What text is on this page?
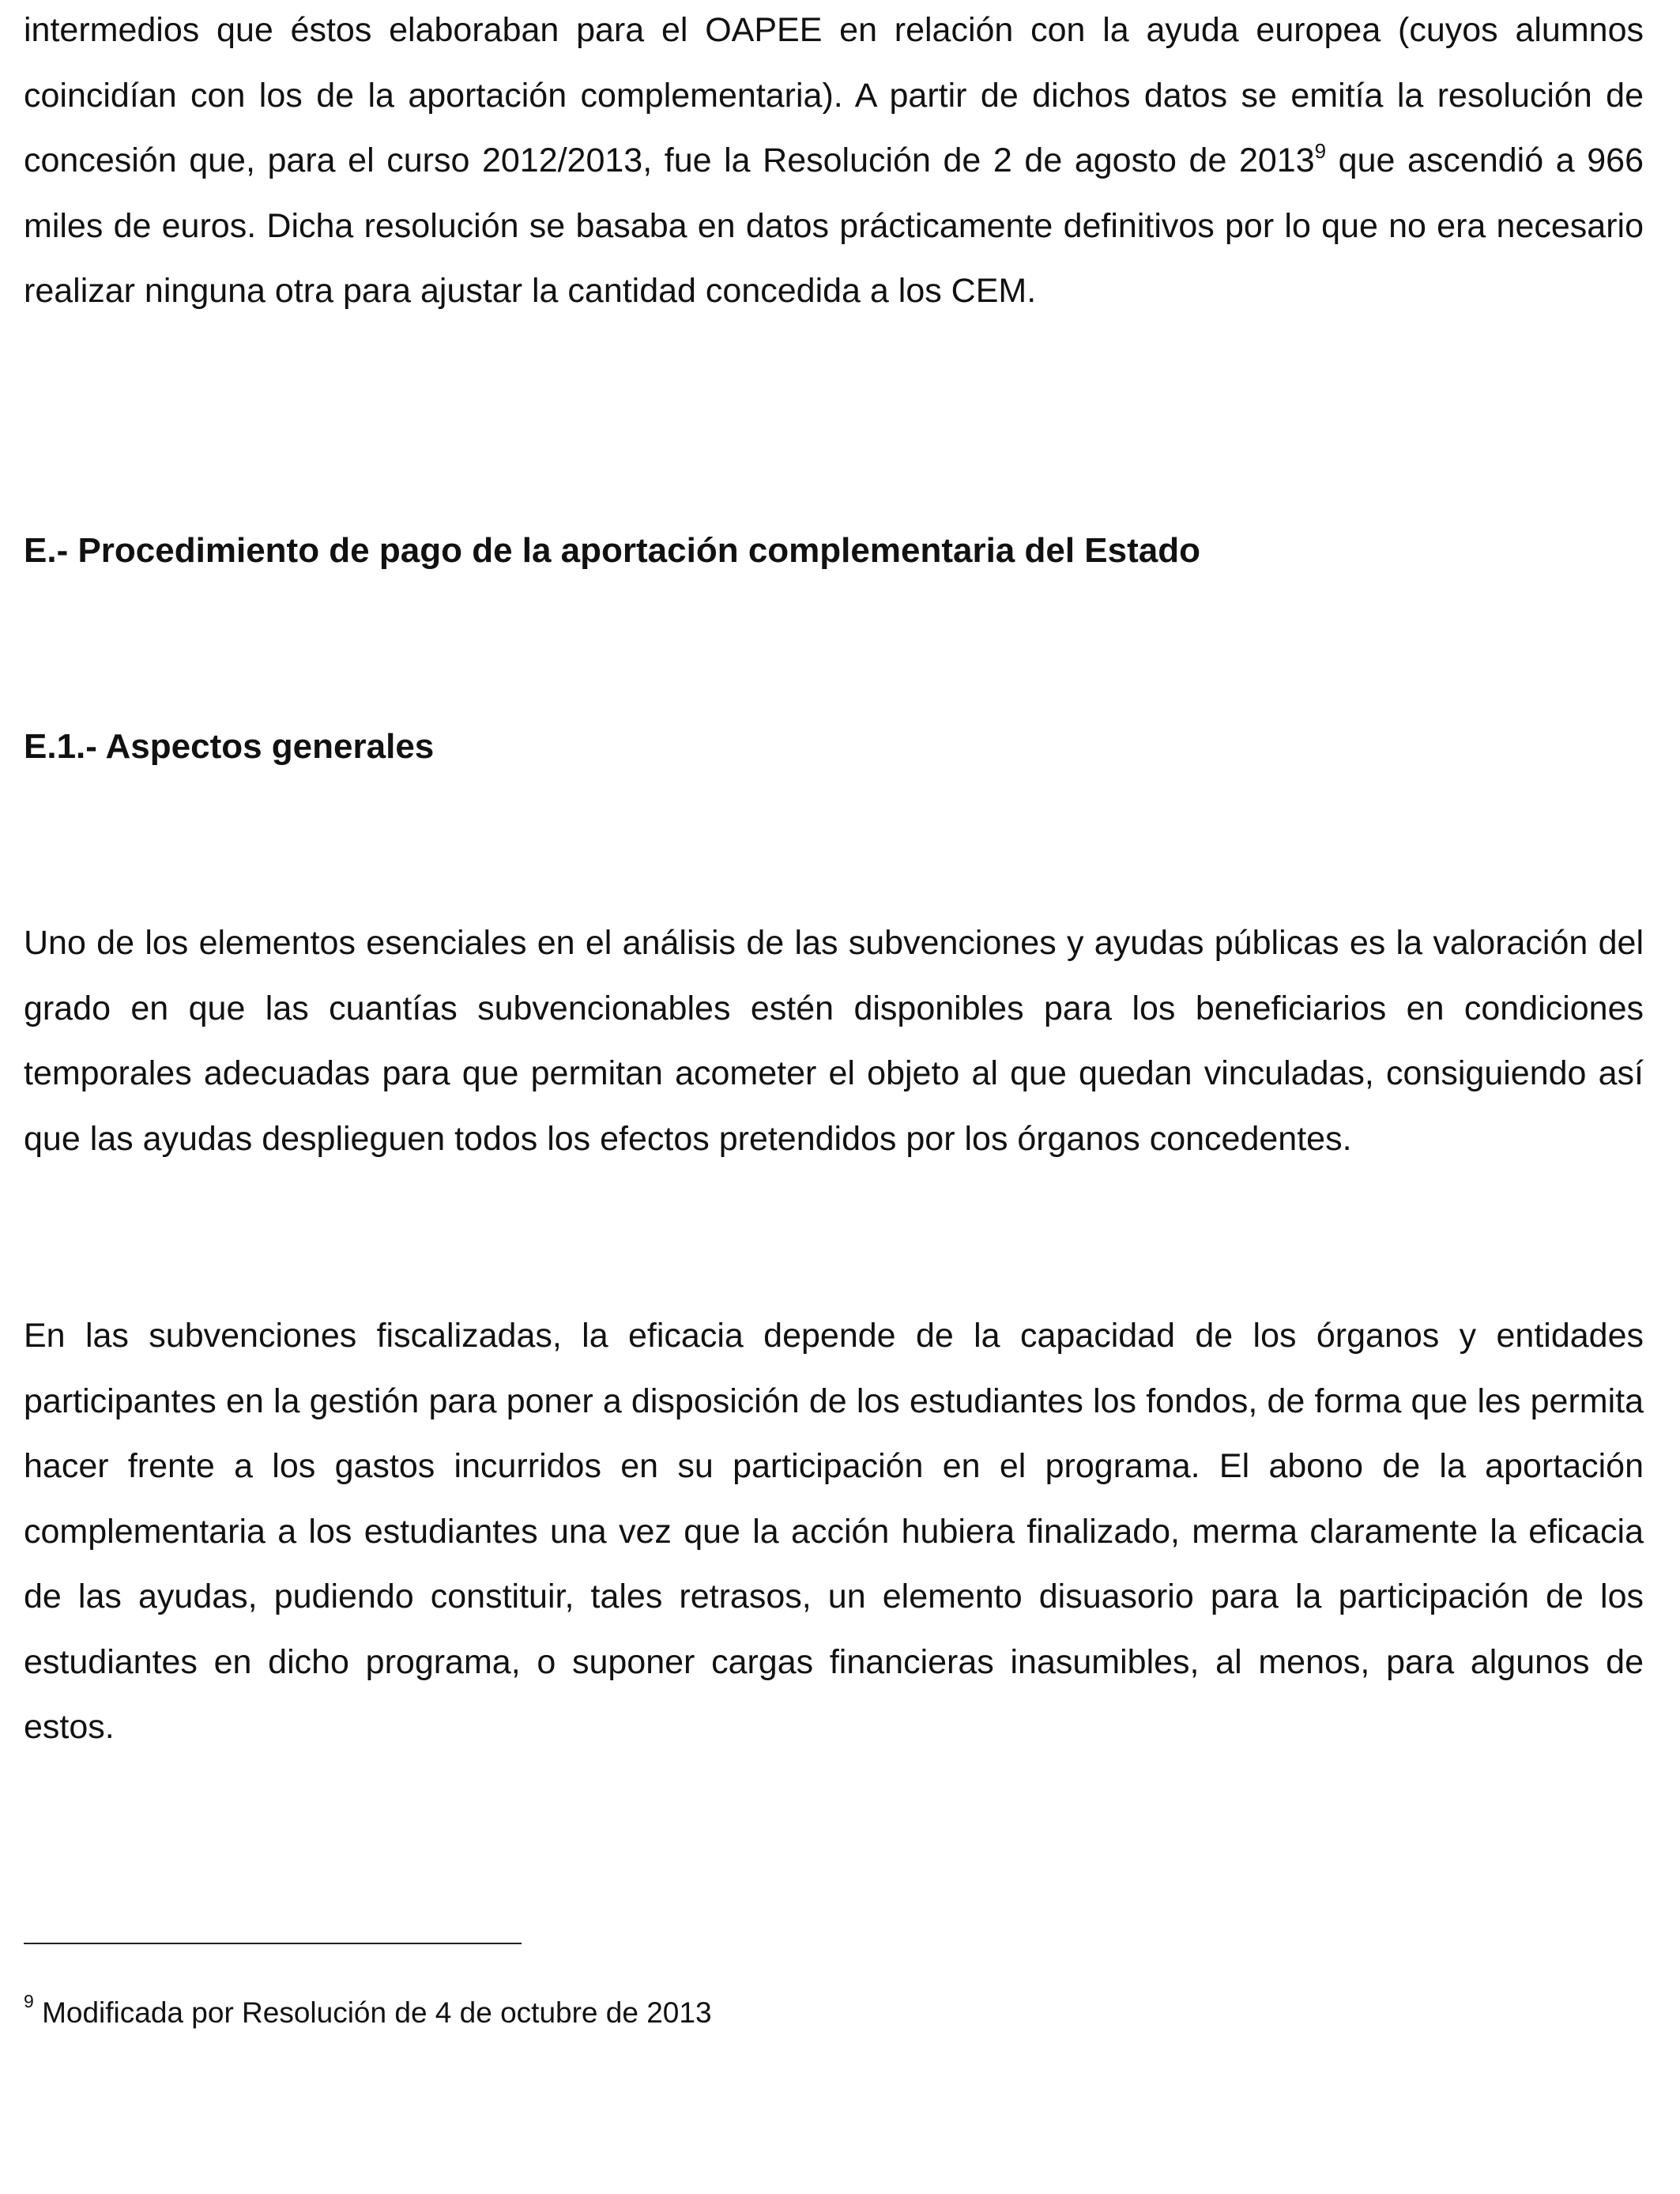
intermedios que éstos elaboraban para el OAPEE en relación con la ayuda europea (cuyos alumnos coincidían con los de la aportación complementaria). A partir de dichos datos se emitía la resolución de concesión que, para el curso 2012/2013, fue la Resolución de 2 de agosto de 2013$^9$ que ascendió a 966 miles de euros. Dicha resolución se basaba en datos prácticamente definitivos por lo que no era necesario realizar ninguna otra para ajustar la cantidad concedida a los CEM.

E.- Procedimiento de pago de la aportación complementaria del Estado
E.1.- Aspectos generales

Uno de los elementos esenciales en el análisis de las subvenciones y ayudas públicas es la valoración del grado en que las cuantías subvencionables estén disponibles para los beneficiarios en condiciones temporales adecuadas para que permitan acometer el objeto al que quedan vinculadas, consiguiendo así que las ayudas desplieguen todos los efectos pretendidos por los órganos concedentes.

En las subvenciones fiscalizadas, la eficacia depende de la capacidad de los órganos y entidades participantes en la gestión para poner a disposición de los estudiantes los fondos, de forma que les permita hacer frente a los gastos incurridos en su participación en el programa. El abono de la aportación complementaria a los estudiantes una vez que la acción hubiera finalizado, merma claramente la eficacia de las ayudas, pudiendo constituir, tales retrasos, un elemento disuasorio para la participación de los estudiantes en dicho programa, o suponer cargas financieras inasumibles, al menos, para algunos de estos.

$^9$ Modificada por Resolución de 4 de octubre de 2013
